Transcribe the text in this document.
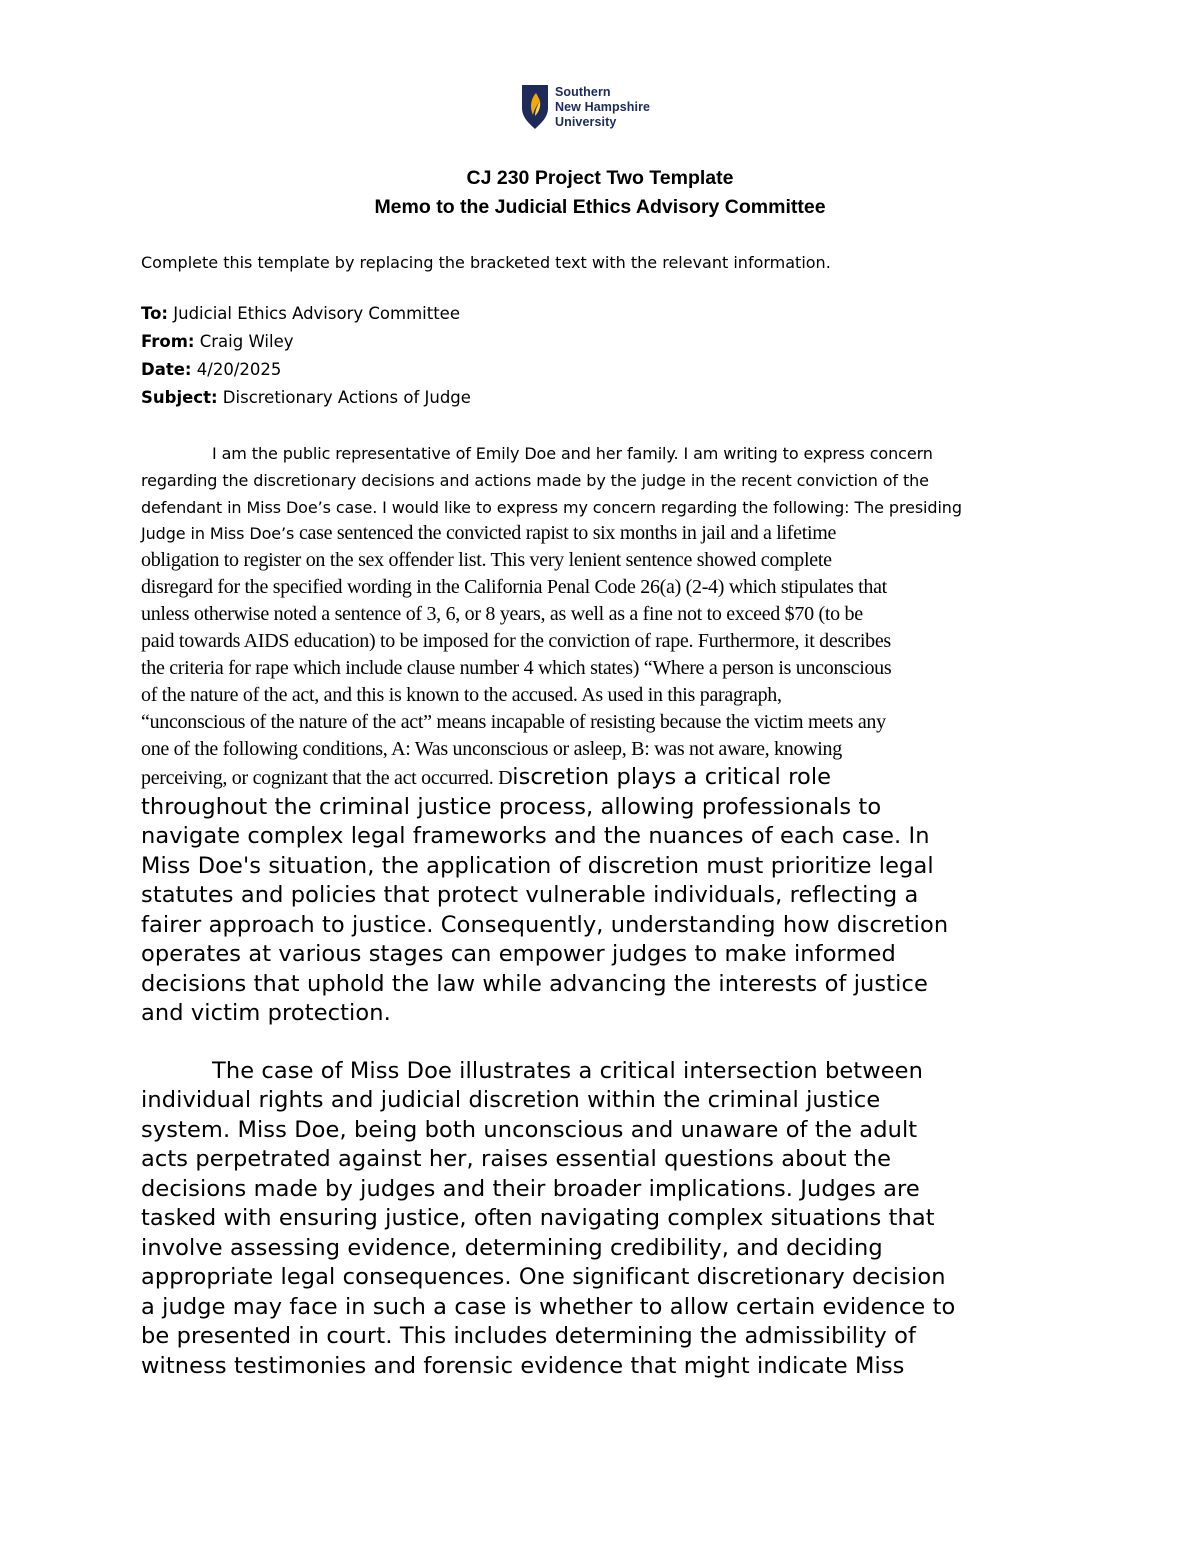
Southern
New Hampshire
University
CJ 230 Project Two Template
Memo to the Judicial Ethics Advisory Committee
Complete this template by replacing the bracketed text with the relevant information.
To: Judicial Ethics Advisory Committee
From: Craig Wiley
Date: 4/20/2025
Subject: Discretionary Actions of Judge
I am the public representative of Emily Doe and her family. I am writing to express concern
regarding the discretionary decisions and actions made by the judge in the recent conviction of the
defendant in Miss Doe’s case. I would like to express my concern regarding the following: The presiding
Judge in Miss Doe’s case sentenced the convicted rapist to six months in jail and a lifetime
obligation to register on the sex offender list. This very lenient sentence showed complete
disregard for the specified wording in the California Penal Code 26(a) (2-4) which stipulates that
unless otherwise noted a sentence of 3, 6, or 8 years, as well as a fine not to exceed $70 (to be
paid towards AIDS education) to be imposed for the conviction of rape. Furthermore, it describes
the criteria for rape which include clause number 4 which states) “Where a person is unconscious
of the nature of the act, and this is known to the accused. As used in this paragraph,
“unconscious of the nature of the act” means incapable of resisting because the victim meets any
one of the following conditions, A: Was unconscious or asleep, B: was not aware, knowing
perceiving, or cognizant that the act occurred. Discretion plays a critical role
throughout the criminal justice process, allowing professionals to
navigate complex legal frameworks and the nuances of each case. In
Miss Doe's situation, the application of discretion must prioritize legal
statutes and policies that protect vulnerable individuals, reflecting a
fairer approach to justice. Consequently, understanding how discretion
operates at various stages can empower judges to make informed
decisions that uphold the law while advancing the interests of justice
and victim protection.
The case of Miss Doe illustrates a critical intersection between
individual rights and judicial discretion within the criminal justice
system. Miss Doe, being both unconscious and unaware of the adult
acts perpetrated against her, raises essential questions about the
decisions made by judges and their broader implications. Judges are
tasked with ensuring justice, often navigating complex situations that
involve assessing evidence, determining credibility, and deciding
appropriate legal consequences. One significant discretionary decision
a judge may face in such a case is whether to allow certain evidence to
be presented in court. This includes determining the admissibility of
witness testimonies and forensic evidence that might indicate Miss
